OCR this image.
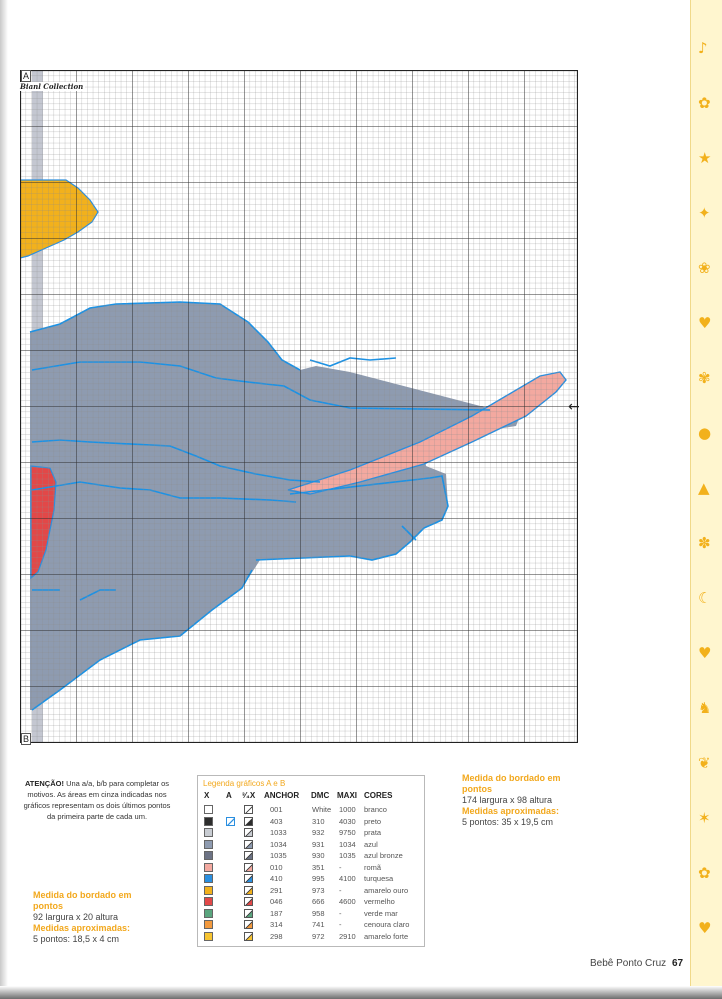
A
Bianl Collection
B
←
ATENÇÃO! Una a/a, b/b para completar os motivos. As áreas em cinza indicadas nos gráficos representam os dois últimos pontos da primeira parte de cada um.
Medida do bordado em pontos
92 largura x 20 altura
Medidas aproximadas:
5 pontos: 18,5 x 4 cm
Legenda gráficos A e B
X A ³⁄₄X ANCHOR DMC MAXI CORES
001	White 1000 branco
403	310 4030 preto
1033	932 9750 prata
1034	931 1034 azul
1035	930 1035 azul bronze
010	351 -	romã
410	995 4100 turquesa
291	973 -	amarelo ouro
046	666 4600 vermelho
187	958 -	verde mar
314	741 -	cenoura claro
298	972 2910 amarelo forte
Medida do bordado em pontos
174 largura x 98 altura
Medidas aproximadas:
5 pontos: 35 x 19,5 cm
♪
✿
★
✦
❀
♥
✾
●
▲
✽
☾
♥
♞
❦
✶
✿
♥
Bebê Ponto Cruz 67
